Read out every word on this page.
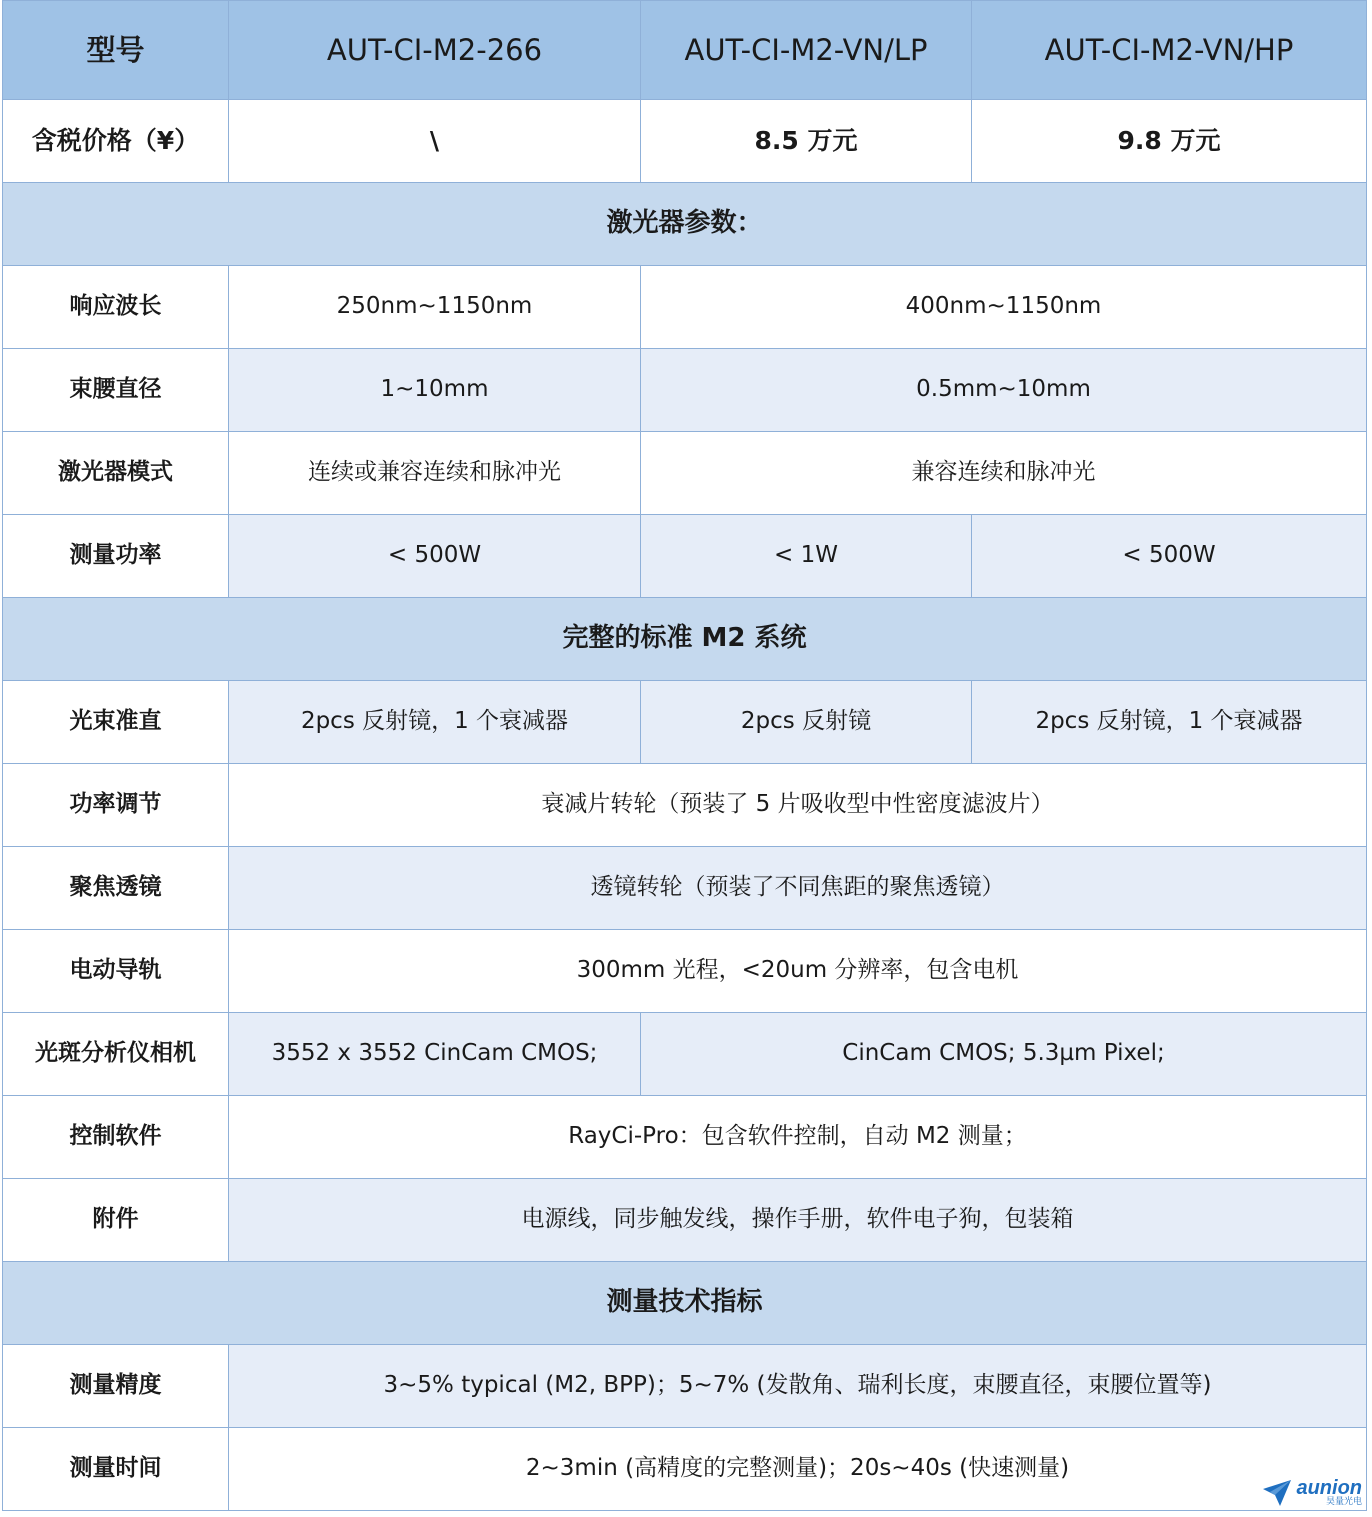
型号	AUT-CI-M2-266	AUT-CI-M2-VN/LP	AUT-CI-M2-VN/HP
含税价格（¥）	\	8.5 万元	9.8 万元
激光器参数：			
响应波长	250nm~1150nm	400nm~1150nm	
束腰直径	1~10mm	0.5mm~10mm	
激光器模式	连续或兼容连续和脉冲光	兼容连续和脉冲光	
测量功率	< 500W	< 1W	< 500W
完整的标准 M2 系统			
光束准直	2pcs 反射镜，1 个衰减器	2pcs 反射镜	2pcs 反射镜，1 个衰减器
功率调节	衰减片转轮（预装了 5 片吸收型中性密度滤波片）		
聚焦透镜	透镜转轮（预装了不同焦距的聚焦透镜）		
电动导轨	300mm 光程，<20um 分辨率，包含电机		
光斑分析仪相机	3552 x 3552 CinCam CMOS;	CinCam CMOS; 5.3µm Pixel;	
控制软件	RayCi-Pro：包含软件控制，自动 M2 测量；		
附件	电源线，同步触发线，操作手册，软件电子狗，包装箱		
测量技术指标			
测量精度	3~5% typical (M2, BPP)；5~7% (发散角、瑞利长度，束腰直径，束腰位置等)		
测量时间	2~3min (高精度的完整测量)；20s~40s (快速测量)		
aunion
昊量光电
